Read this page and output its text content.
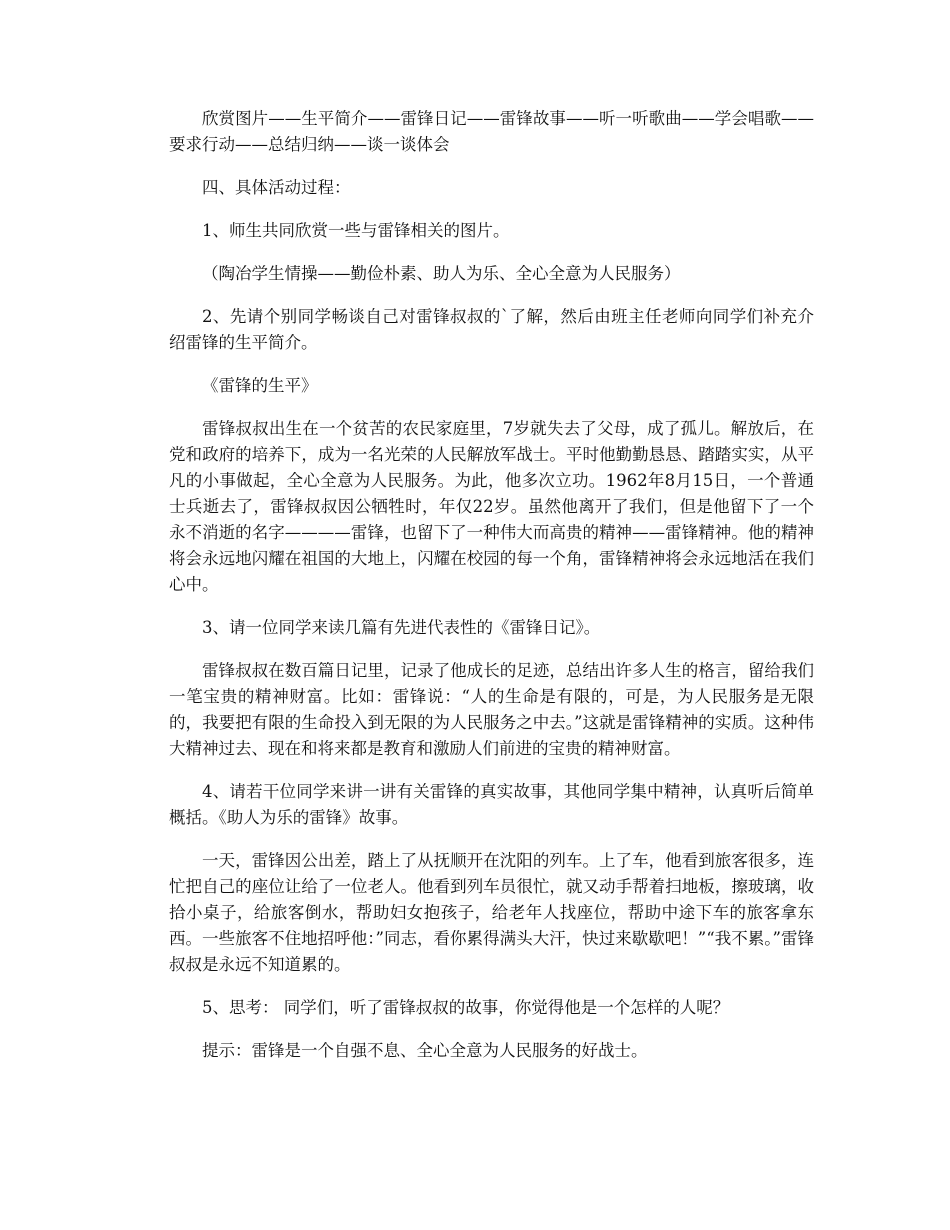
欣赏图片——生平简介——雷锋日记——雷锋故事——听一听歌曲——学会唱歌——要求行动——总结归纳——谈一谈体会

四、具体活动过程：

1、师生共同欣赏一些与雷锋相关的图片。

（陶冶学生情操——勤俭朴素、助人为乐、全心全意为人民服务）

2、先请个别同学畅谈自己对雷锋叔叔的`了解，然后由班主任老师向同学们补充介绍雷锋的生平简介。

《雷锋的生平》

雷锋叔叔出生在一个贫苦的农民家庭里，7岁就失去了父母，成了孤儿。解放后，在党和政府的培养下，成为一名光荣的人民解放军战士。平时他勤勤恳恳、踏踏实实，从平凡的小事做起，全心全意为人民服务。为此，他多次立功。1962年8月15日，一个普通士兵逝去了，雷锋叔叔因公牺牲时，年仅22岁。虽然他离开了我们，但是他留下了一个永不消逝的名字————雷锋，也留下了一种伟大而高贵的精神——雷锋精神。他的精神将会永远地闪耀在祖国的大地上，闪耀在校园的每一个角，雷锋精神将会永远地活在我们心中。

3、请一位同学来读几篇有先进代表性的《雷锋日记》。

雷锋叔叔在数百篇日记里，记录了他成长的足迹，总结出许多人生的格言，留给我们一笔宝贵的精神财富。比如：雷锋说：“人的生命是有限的，可是，为人民服务是无限的，我要把有限的生命投入到无限的为人民服务之中去。”这就是雷锋精神的实质。这种伟大精神过去、现在和将来都是教育和激励人们前进的宝贵的精神财富。

4、请若干位同学来讲一讲有关雷锋的真实故事，其他同学集中精神，认真听后简单概括。《助人为乐的雷锋》故事。

一天，雷锋因公出差，踏上了从抚顺开在沈阳的列车。上了车，他看到旅客很多，连忙把自己的座位让给了一位老人。他看到列车员很忙，就又动手帮着扫地板，擦玻璃，收拾小桌子，给旅客倒水，帮助妇女抱孩子，给老年人找座位，帮助中途下车的旅客拿东西。一些旅客不住地招呼他：”同志，看你累得满头大汗，快过来歇歇吧！”“我不累。”雷锋叔叔是永远不知道累的。

5、思考： 同学们，听了雷锋叔叔的故事，你觉得他是一个怎样的人呢？

提示：雷锋是一个自强不息、全心全意为人民服务的好战士。
